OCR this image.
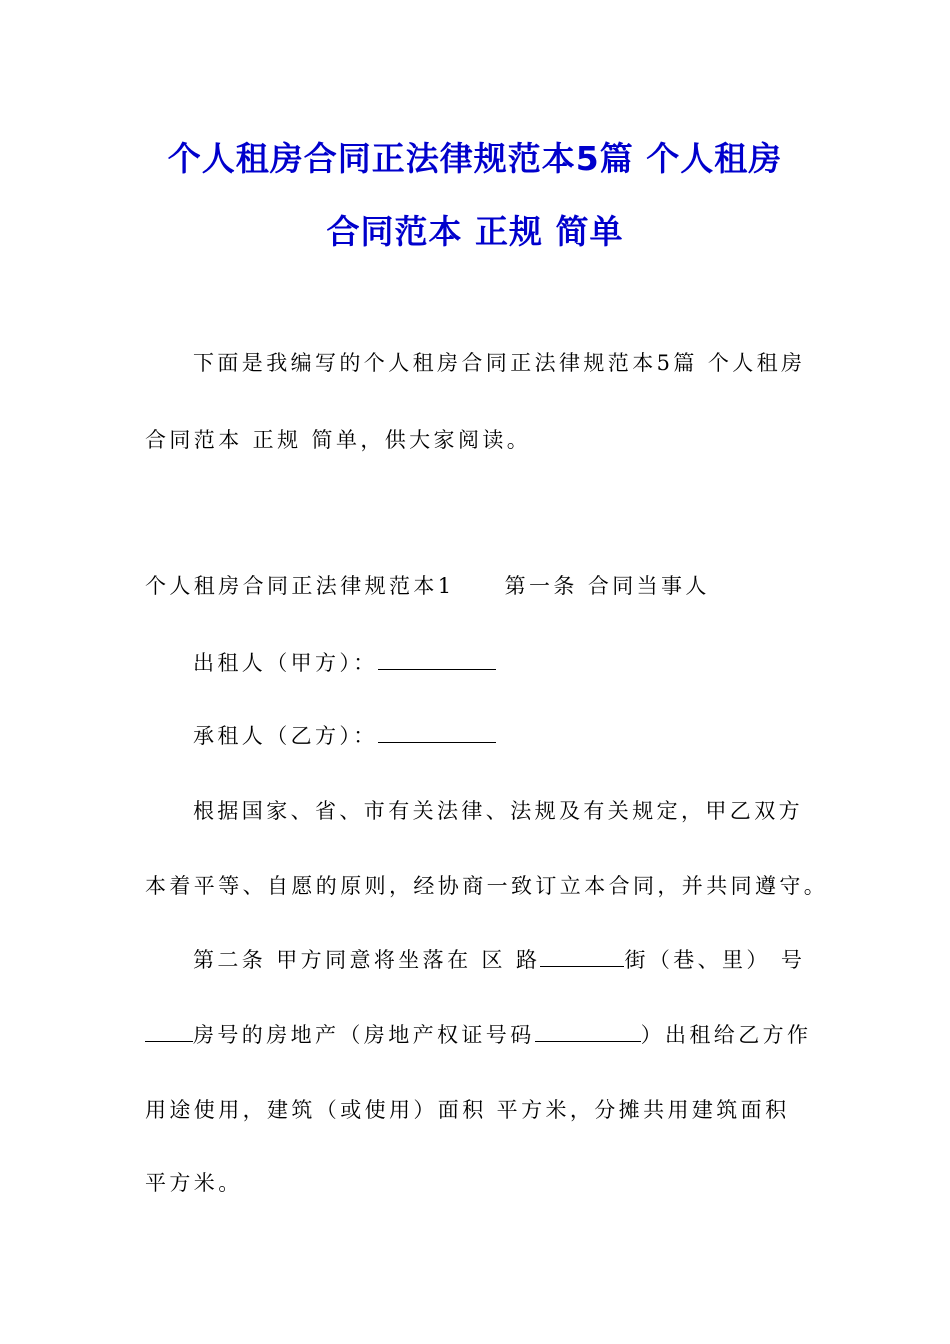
个人租房合同正法律规范本5篇 个人租房
合同范本 正规 简单
下面是我编写的个人租房合同正法律规范本5篇 个人租房
合同范本 正规 简单，供大家阅读。
个人租房合同正法律规范本1 第一条 合同当事人
出租人（甲方）：
承租人（乙方）：
根据国家、省、市有关法律、法规及有关规定，甲乙双方
本着平等、自愿的原则，经协商一致订立本合同，并共同遵守。
第二条 甲方同意将坐落在 区 路	街（巷、里） 号
房号的房地产（房地产权证号码	）出租给乙方作
用途使用，建筑（或使用）面积 平方米，分摊共用建筑面积
平方米。
